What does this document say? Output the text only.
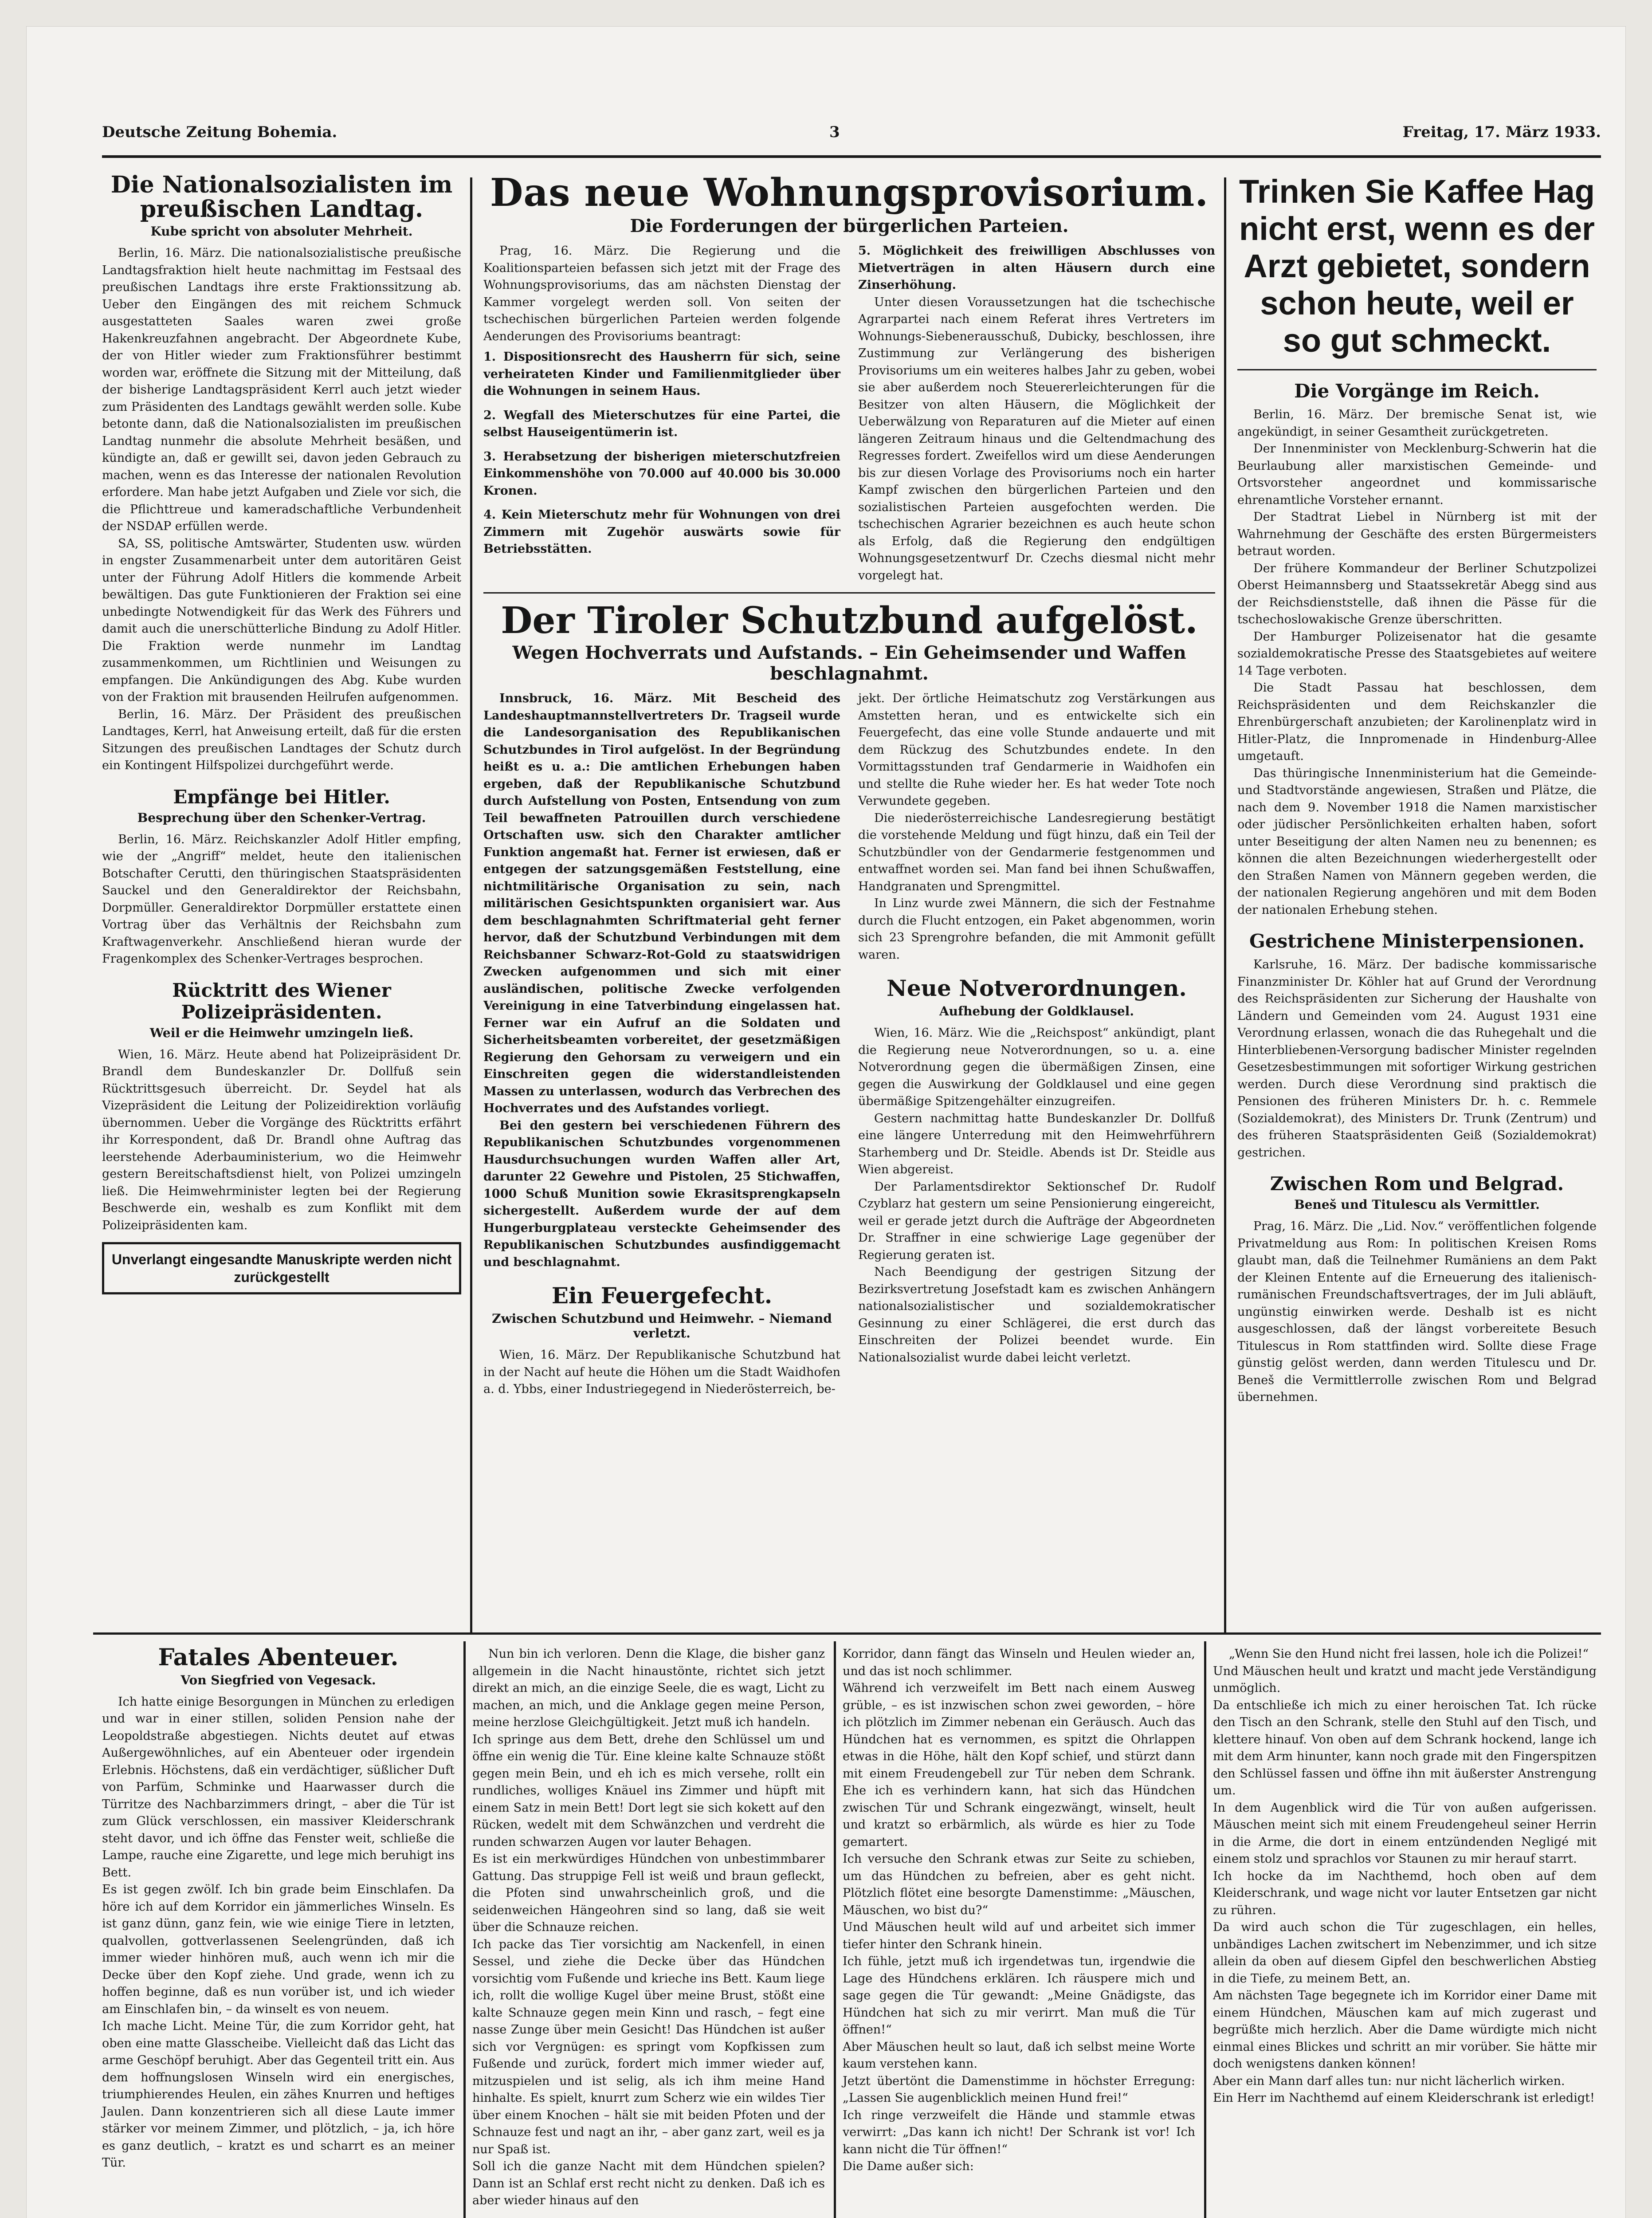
Deutsche Zeitung Bohemia.	3	Freitag, 17. März 1933.
Die Nationalsozialisten im preußischen Landtag.
Kube spricht von absoluter Mehrheit.

Berlin, 16. März. Die nationalsozialistische preußische Landtagsfraktion hielt heute nachmittag im Festsaal des preußischen Landtags ihre erste Fraktionssitzung ab. Ueber den Eingängen des mit reichem Schmuck ausgestatteten Saales waren zwei große Hakenkreuzfahnen angebracht. Der Abgeordnete Kube, der von Hitler wieder zum Fraktionsführer bestimmt worden war, eröffnete die Sitzung mit der Mitteilung, daß der bisherige Landtagspräsident Kerrl auch jetzt wieder zum Präsidenten des Landtags gewählt werden solle. Kube betonte dann, daß die Nationalsozialisten im preußischen Landtag nunmehr die absolute Mehrheit besäßen, und kündigte an, daß er gewillt sei, davon jeden Gebrauch zu machen, wenn es das Interesse der nationalen Revolution erfordere. Man habe jetzt Aufgaben und Ziele vor sich, die die Pflichttreue und kameradschaftliche Verbundenheit der NSDAP erfüllen werde.

SA, SS, politische Amtswärter, Studenten usw. würden in engster Zusammenarbeit unter dem autoritären Geist unter der Führung Adolf Hitlers die kommende Arbeit bewältigen. Das gute Funktionieren der Fraktion sei eine unbedingte Notwendigkeit für das Werk des Führers und damit auch die unerschütterliche Bindung zu Adolf Hitler. Die Fraktion werde nunmehr im Landtag zusammenkommen, um Richtlinien und Weisungen zu empfangen. Die Ankündigungen des Abg. Kube wurden von der Fraktion mit brausenden Heilrufen aufgenommen.

Berlin, 16. März. Der Präsident des preußischen Landtages, Kerrl, hat Anweisung erteilt, daß für die ersten Sitzungen des preußischen Landtages der Schutz durch ein Kontingent Hilfspolizei durchgeführt werde.

Empfänge bei Hitler.
Besprechung über den Schenker-Vertrag.

Berlin, 16. März. Reichskanzler Adolf Hitler empfing, wie der „Angriff“ meldet, heute den italienischen Botschafter Cerutti, den thüringischen Staatspräsidenten Sauckel und den Generaldirektor der Reichsbahn, Dorpmüller. Generaldirektor Dorpmüller erstattete einen Vortrag über das Verhältnis der Reichsbahn zum Kraftwagenverkehr. Anschließend hieran wurde der Fragenkomplex des Schenker-Vertrages besprochen.

Rücktritt des Wiener Polizeipräsidenten.
Weil er die Heimwehr umzingeln ließ.

Wien, 16. März. Heute abend hat Polizeipräsident Dr. Brandl dem Bundeskanzler Dr. Dollfuß sein Rücktrittsgesuch überreicht. Dr. Seydel hat als Vizepräsident die Leitung der Polizeidirektion vorläufig übernommen. Ueber die Vorgänge des Rücktritts erfährt ihr Korrespondent, daß Dr. Brandl ohne Auftrag das leerstehende Aderbauministerium, wo die Heimwehr gestern Bereitschaftsdienst hielt, von Polizei umzingeln ließ. Die Heimwehrminister legten bei der Regierung Beschwerde ein, weshalb es zum Konflikt mit dem Polizeipräsidenten kam.

Unverlangt eingesandte Manuskripte werden nicht zurückgestellt
Das neue Wohnungsprovisorium.
Die Forderungen der bürgerlichen Parteien.

Prag, 16. März. Die Regierung und die Koalitionsparteien befassen sich jetzt mit der Frage des Wohnungsprovisoriums, das am nächsten Dienstag der Kammer vorgelegt werden soll. Von seiten der tschechischen bürgerlichen Parteien werden folgende Aenderungen des Provisoriums beantragt:

1. Dispositionsrecht des Hausherrn für sich, seine verheirateten Kinder und Familienmitglieder über die Wohnungen in seinem Haus.
2. Wegfall des Mieterschutzes für eine Partei, die selbst Hauseigentümerin ist.
3. Herabsetzung der bisherigen mieterschutzfreien Einkommenshöhe von 70.000 auf 40.000 bis 30.000 Kronen.
4. Kein Mieterschutz mehr für Wohnungen von drei Zimmern mit Zugehör auswärts sowie für Betriebsstätten.

5. Möglichkeit des freiwilligen Abschlusses von Mietverträgen in alten Häusern durch eine Zinserhöhung.

Unter diesen Voraussetzungen hat die tschechische Agrarpartei nach einem Referat ihres Vertreters im Wohnungs-Siebenerausschuß, Dubicky, beschlossen, ihre Zustimmung zur Verlängerung des bisherigen Provisoriums um ein weiteres halbes Jahr zu geben, wobei sie aber außerdem noch Steuererleichterungen für die Besitzer von alten Häusern, die Möglichkeit der Ueberwälzung von Reparaturen auf die Mieter auf einen längeren Zeitraum hinaus und die Geltendmachung des Regresses fordert. Zweifellos wird um diese Aenderungen bis zur diesen Vorlage des Provisoriums noch ein harter Kampf zwischen den bürgerlichen Parteien und den sozialistischen Parteien ausgefochten werden. Die tschechischen Agrarier bezeichnen es auch heute schon als Erfolg, daß die Regierung den endgültigen Wohnungsgesetzentwurf Dr. Czechs diesmal nicht mehr vorgelegt hat.

Der Tiroler Schutzbund aufgelöst.
Wegen Hochverrats und Aufstands. – Ein Geheimsender und Waffen beschlagnahmt.

Innsbruck, 16. März. Mit Bescheid des Landeshauptmannstellvertreters Dr. Tragseil wurde die Landesorganisation des Republikanischen Schutzbundes in Tirol aufgelöst. In der Begründung heißt es u. a.: Die amtlichen Erhebungen haben ergeben, daß der Republikanische Schutzbund durch Aufstellung von Posten, Entsendung von zum Teil bewaffneten Patrouillen durch verschiedene Ortschaften usw. sich den Charakter amtlicher Funktion angemaßt hat. Ferner ist erwiesen, daß er entgegen der satzungsgemäßen Feststellung, eine nichtmilitärische Organisation zu sein, nach militärischen Gesichtspunkten organisiert war. Aus dem beschlagnahmten Schriftmaterial geht ferner hervor, daß der Schutzbund Verbindungen mit dem Reichsbanner Schwarz-Rot-Gold zu staatswidrigen Zwecken aufgenommen und sich mit einer ausländischen, politische Zwecke verfolgenden Vereinigung in eine Tatverbindung eingelassen hat. Ferner war ein Aufruf an die Soldaten und Sicherheitsbeamten vorbereitet, der gesetzmäßigen Regierung den Gehorsam zu verweigern und ein Einschreiten gegen die widerstandleistenden Massen zu unterlassen, wodurch das Verbrechen des Hochverrates und des Aufstandes vorliegt.

Bei den gestern bei verschiedenen Führern des Republikanischen Schutzbundes vorgenommenen Hausdurchsuchungen wurden Waffen aller Art, darunter 22 Gewehre und Pistolen, 25 Stichwaffen, 1000 Schuß Munition sowie Ekrasitsprengkapseln sichergestellt. Außerdem wurde der auf dem Hungerburgplateau versteckte Geheimsender des Republikanischen Schutzbundes ausfindiggemacht und beschlagnahmt.

Ein Feuergefecht.
Zwischen Schutzbund und Heimwehr. – Niemand verletzt.

Wien, 16. März. Der Republikanische Schutzbund hat in der Nacht auf heute die Höhen um die Stadt Waidhofen a. d. Ybbs, einer Industriegegend in Niederösterreich, be-

jekt. Der örtliche Heimatschutz zog Verstärkungen aus Amstetten heran, und es entwickelte sich ein Feuergefecht, das eine volle Stunde andauerte und mit dem Rückzug des Schutzbundes endete. In den Vormittagsstunden traf Gendarmerie in Waidhofen ein und stellte die Ruhe wieder her. Es hat weder Tote noch Verwundete gegeben.

Die niederösterreichische Landesregierung bestätigt die vorstehende Meldung und fügt hinzu, daß ein Teil der Schutzbündler von der Gendarmerie festgenommen und entwaffnet worden sei. Man fand bei ihnen Schußwaffen, Handgranaten und Sprengmittel.

In Linz wurde zwei Männern, die sich der Festnahme durch die Flucht entzogen, ein Paket abgenommen, worin sich 23 Sprengrohre befanden, die mit Ammonit gefüllt waren.

Neue Notverordnungen.
Aufhebung der Goldklausel.

Wien, 16. März. Wie die „Reichspost“ ankündigt, plant die Regierung neue Notverordnungen, so u. a. eine Notverordnung gegen die übermäßigen Zinsen, eine gegen die Auswirkung der Goldklausel und eine gegen übermäßige Spitzengehälter einzugreifen.

Gestern nachmittag hatte Bundeskanzler Dr. Dollfuß eine längere Unterredung mit den Heimwehrführern Starhemberg und Dr. Steidle. Abends ist Dr. Steidle aus Wien abgereist.

Der Parlamentsdirektor Sektionschef Dr. Rudolf Czyblarz hat gestern um seine Pensionierung eingereicht, weil er gerade jetzt durch die Aufträge der Abgeordneten Dr. Straffner in eine schwierige Lage gegenüber der Regierung geraten ist.

Nach Beendigung der gestrigen Sitzung der Bezirksvertretung Josefstadt kam es zwischen Anhängern nationalsozialistischer und sozialdemokratischer Gesinnung zu einer Schlägerei, die erst durch das Einschreiten der Polizei beendet wurde. Ein Nationalsozialist wurde dabei leicht verletzt.

Trinken Sie Kaffee Hag nicht erst, wenn es der Arzt gebietet, sondern schon heute, weil er so gut schmeckt.
Die Vorgänge im Reich.

Berlin, 16. März. Der bremische Senat ist, wie angekündigt, in seiner Gesamtheit zurückgetreten.

Der Innenminister von Mecklenburg-Schwerin hat die Beurlaubung aller marxistischen Gemeinde- und Ortsvorsteher angeordnet und kommissarische ehrenamtliche Vorsteher ernannt.

Der Stadtrat Liebel in Nürnberg ist mit der Wahrnehmung der Geschäfte des ersten Bürgermeisters betraut worden.

Der frühere Kommandeur der Berliner Schutzpolizei Oberst Heimannsberg und Staatssekretär Abegg sind aus der Reichsdienststelle, daß ihnen die Pässe für die tschechoslowakische Grenze überschritten.

Der Hamburger Polizeisenator hat die gesamte sozialdemokratische Presse des Staatsgebietes auf weitere 14 Tage verboten.

Die Stadt Passau hat beschlossen, dem Reichspräsidenten und dem Reichskanzler die Ehrenbürgerschaft anzubieten; der Karolinenplatz wird in Hitler-Platz, die Innpromenade in Hindenburg-Allee umgetauft.

Das thüringische Innenministerium hat die Gemeinde- und Stadtvorstände angewiesen, Straßen und Plätze, die nach dem 9. November 1918 die Namen marxistischer oder jüdischer Persönlichkeiten erhalten haben, sofort unter Beseitigung der alten Namen neu zu benennen; es können die alten Bezeichnungen wiederhergestellt oder den Straßen Namen von Männern gegeben werden, die der nationalen Regierung angehören und mit dem Boden der nationalen Erhebung stehen.

Gestrichene Ministerpensionen.

Karlsruhe, 16. März. Der badische kommissarische Finanzminister Dr. Köhler hat auf Grund der Verordnung des Reichspräsidenten zur Sicherung der Haushalte von Ländern und Gemeinden vom 24. August 1931 eine Verordnung erlassen, wonach die das Ruhegehalt und die Hinterbliebenen-Versorgung badischer Minister regelnden Gesetzesbestimmungen mit sofortiger Wirkung gestrichen werden. Durch diese Verordnung sind praktisch die Pensionen des früheren Ministers Dr. h. c. Remmele (Sozialdemokrat), des Ministers Dr. Trunk (Zentrum) und des früheren Staatspräsidenten Geiß (Sozialdemokrat) gestrichen.

Zwischen Rom und Belgrad.
Beneš und Titulescu als Vermittler.

Prag, 16. März. Die „Lid. Nov.“ veröffentlichen folgende Privatmeldung aus Rom: In politischen Kreisen Roms glaubt man, daß die Teilnehmer Rumäniens an dem Pakt der Kleinen Entente auf die Erneuerung des italienisch-rumänischen Freundschaftsvertrages, der im Juli abläuft, ungünstig einwirken werde. Deshalb ist es nicht ausgeschlossen, daß der längst vorbereitete Besuch Titulescus in Rom stattfinden wird. Sollte diese Frage günstig gelöst werden, dann werden Titulescu und Dr. Beneš die Vermittlerrolle zwischen Rom und Belgrad übernehmen.

Fatales Abenteuer.
Von Siegfried von Vegesack.

Ich hatte einige Besorgungen in München zu erledigen und war in einer stillen, soliden Pension nahe der Leopoldstraße abgestiegen. Nichts deutet auf etwas Außergewöhnliches, auf ein Abenteuer oder irgendein Erlebnis. Höchstens, daß ein verdächtiger, süßlicher Duft von Parfüm, Schminke und Haarwasser durch die Türritze des Nachbarzimmers dringt, – aber die Tür ist zum Glück verschlossen, ein massiver Kleiderschrank steht davor, und ich öffne das Fenster weit, schließe die Lampe, rauche eine Zigarette, und lege mich beruhigt ins Bett.
Es ist gegen zwölf. Ich bin grade beim Einschlafen. Da höre ich auf dem Korridor ein jämmerliches Winseln. Es ist ganz dünn, ganz fein, wie wie einige Tiere in letzten, qualvollen, gottverlassenen Seelengründen, daß ich immer wieder hinhören muß, auch wenn ich mir die Decke über den Kopf ziehe. Und grade, wenn ich zu hoffen beginne, daß es nun vorüber ist, und ich wieder am Einschlafen bin, – da winselt es von neuem.
Ich mache Licht. Meine Tür, die zum Korridor geht, hat oben eine matte Glasscheibe. Vielleicht daß das Licht das arme Geschöpf beruhigt. Aber das Gegenteil tritt ein. Aus dem hoffnungslosen Winseln wird ein energisches, triumphierendes Heulen, ein zähes Knurren und heftiges Jaulen. Dann konzentrieren sich all diese Laute immer stärker vor meinem Zimmer, und plötzlich, – ja, ich höre es ganz deutlich, – kratzt es und scharrt es an meiner Tür.

Nun bin ich verloren. Denn die Klage, die bisher ganz allgemein in die Nacht hinaustönte, richtet sich jetzt direkt an mich, an die einzige Seele, die es wagt, Licht zu machen, an mich, und die Anklage gegen meine Person, meine herzlose Gleichgültigkeit. Jetzt muß ich handeln.
Ich springe aus dem Bett, drehe den Schlüssel um und öffne ein wenig die Tür. Eine kleine kalte Schnauze stößt gegen mein Bein, und eh ich es mich versehe, rollt ein rundliches, wolliges Knäuel ins Zimmer und hüpft mit einem Satz in mein Bett! Dort legt sie sich kokett auf den Rücken, wedelt mit dem Schwänzchen und verdreht die runden schwarzen Augen vor lauter Behagen.
Es ist ein merkwürdiges Hündchen von unbestimmbarer Gattung. Das struppige Fell ist weiß und braun gefleckt, die Pfoten sind unwahrscheinlich groß, und die seidenweichen Hängeohren sind so lang, daß sie weit über die Schnauze reichen.
Ich packe das Tier vorsichtig am Nackenfell, in einen Sessel, und ziehe die Decke über das Hündchen vorsichtig vom Fußende und krieche ins Bett. Kaum liege ich, rollt die wollige Kugel über meine Brust, stößt eine kalte Schnauze gegen mein Kinn und rasch, – fegt eine nasse Zunge über mein Gesicht! Das Hündchen ist außer sich vor Vergnügen: es springt vom Kopfkissen zum Fußende und zurück, fordert mich immer wieder auf, mitzuspielen und ist selig, als ich ihm meine Hand hinhalte. Es spielt, knurrt zum Scherz wie ein wildes Tier über einem Knochen – hält sie mit beiden Pfoten und der Schnauze fest und nagt an ihr, – aber ganz zart, weil es ja nur Spaß ist.
Soll ich die ganze Nacht mit dem Hündchen spielen? Dann ist an Schlaf erst recht nicht zu denken. Daß ich es aber wieder hinaus auf den

Korridor, dann fängt das Winseln und Heulen wieder an, und das ist noch schlimmer.
Während ich verzweifelt im Bett nach einem Ausweg grüble, – es ist inzwischen schon zwei geworden, – höre ich plötzlich im Zimmer nebenan ein Geräusch. Auch das Hündchen hat es vernommen, es spitzt die Ohrlappen etwas in die Höhe, hält den Kopf schief, und stürzt dann mit einem Freudengebell zur Tür neben dem Schrank. Ehe ich es verhindern kann, hat sich das Hündchen zwischen Tür und Schrank eingezwängt, winselt, heult und kratzt so erbärmlich, als würde es hier zu Tode gemartert.
Ich versuche den Schrank etwas zur Seite zu schieben, um das Hündchen zu befreien, aber es geht nicht. Plötzlich flötet eine besorgte Damenstimme: „Mäuschen, Mäuschen, wo bist du?“
Und Mäuschen heult wild auf und arbeitet sich immer tiefer hinter den Schrank hinein.
Ich fühle, jetzt muß ich irgendetwas tun, irgendwie die Lage des Hündchens erklären. Ich räuspere mich und sage gegen die Tür gewandt: „Meine Gnädigste, das Hündchen hat sich zu mir verirrt. Man muß die Tür öffnen!“
Aber Mäuschen heult so laut, daß ich selbst meine Worte kaum verstehen kann.
Jetzt übertönt die Damenstimme in höchster Erregung: „Lassen Sie augenblicklich meinen Hund frei!“
Ich ringe verzweifelt die Hände und stammle etwas verwirrt: „Das kann ich nicht! Der Schrank ist vor! Ich kann nicht die Tür öffnen!“
Die Dame außer sich:

„Wenn Sie den Hund nicht frei lassen, hole ich die Polizei!“
Und Mäuschen heult und kratzt und macht jede Verständigung unmöglich.
Da entschließe ich mich zu einer heroischen Tat. Ich rücke den Tisch an den Schrank, stelle den Stuhl auf den Tisch, und klettere hinauf. Von oben auf dem Schrank hockend, lange ich mit dem Arm hinunter, kann noch grade mit den Fingerspitzen den Schlüssel fassen und öffne ihn mit äußerster Anstrengung um.
In dem Augenblick wird die Tür von außen aufgerissen. Mäuschen meint sich mit einem Freudengeheul seiner Herrin in die Arme, die dort in einem entzündenden Negligé mit einem stolz und sprachlos vor Staunen zu mir herauf starrt.
Ich hocke da im Nachthemd, hoch oben auf dem Kleiderschrank, und wage nicht vor lauter Entsetzen gar nicht zu rühren.
Da wird auch schon die Tür zugeschlagen, ein helles, unbändiges Lachen zwitschert im Nebenzimmer, und ich sitze allein da oben auf diesem Gipfel den beschwerlichen Abstieg in die Tiefe, zu meinem Bett, an.
Am nächsten Tage begegnete ich im Korridor einer Dame mit einem Hündchen, Mäuschen kam auf mich zugerast und begrüßte mich herzlich. Aber die Dame würdigte mich nicht einmal eines Blickes und schritt an mir vorüber. Sie hätte mir doch wenigstens danken können!
Aber ein Mann darf alles tun: nur nicht lächerlich wirken.
Ein Herr im Nachthemd auf einem Kleiderschrank ist erledigt!
